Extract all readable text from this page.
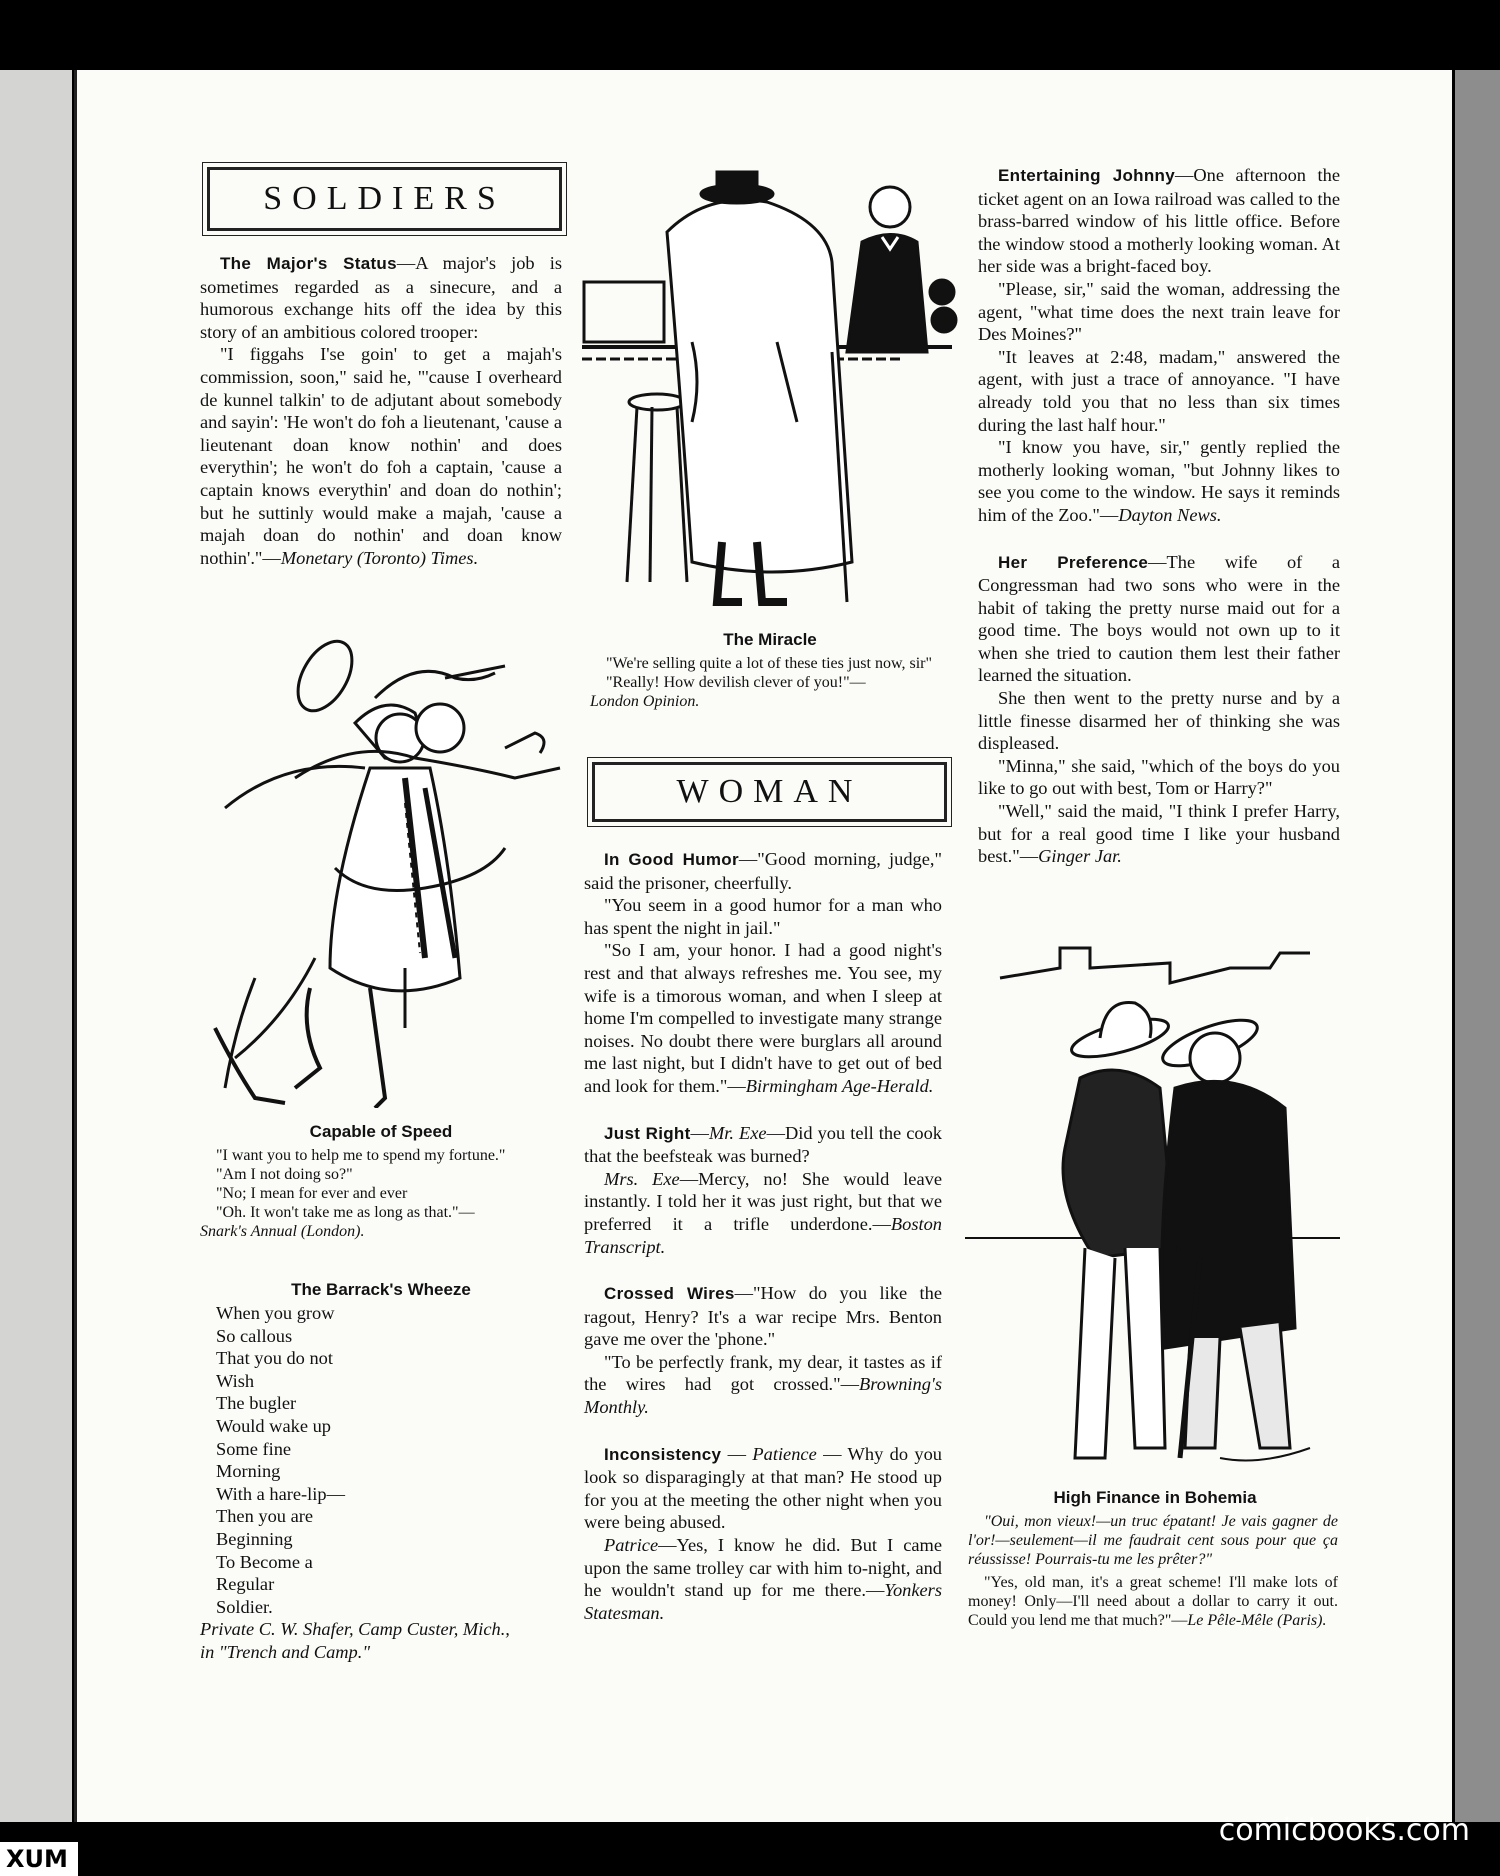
SOLDIERS

The Major's Status—A major's job is sometimes regarded as a sinecure, and a humorous exchange hits off the idea by this story of an ambitious colored trooper:

"I figgahs I'se goin' to get a majah's commission, soon," said he, "'cause I overheard de kunnel talkin' to de adjutant about somebody and sayin': 'He won't do foh a lieutenant, 'cause a lieutenant doan know nothin' and does everythin'; he won't do foh a captain, 'cause a captain knows everythin' and doan do nothin'; but he suttinly would make a majah, 'cause a majah doan do nothin' and doan know nothin'."—Monetary (Toronto) Times.

Capable of Speed
"I want you to help me to spend my fortune."
"Am I not doing so?"
"No; I mean for ever and ever
"Oh. It won't take me as long as that."—
Snark's Annual (London).
The Barrack's Wheeze
When you grow
So callous
That you do not
Wish
The bugler
Would wake up
Some fine
Morning
With a hare-lip—
Then you are
Beginning
To Become a
Regular
Soldier.
Private C. W. Shafer, Camp Custer, Mich.,
in "Trench and Camp."
The Miracle
"We're selling quite a lot of these ties just now, sir"
"Really! How devilish clever of you!"—
London Opinion.
WOMAN

In Good Humor—"Good morning, judge," said the prisoner, cheerfully.

"You seem in a good humor for a man who has spent the night in jail."

"So I am, your honor. I had a good night's rest and that always refreshes me. You see, my wife is a timorous woman, and when I sleep at home I'm compelled to investigate many strange noises. No doubt there were burglars all around me last night, but I didn't have to get out of bed and look for them."—Birmingham Age-Herald.

Just Right—Mr. Exe—Did you tell the cook that the beefsteak was burned?

Mrs. Exe—Mercy, no! She would leave instantly. I told her it was just right, but that we preferred it a trifle underdone.—Boston Transcript.

Crossed Wires—"How do you like the ragout, Henry? It's a war recipe Mrs. Benton gave me over the 'phone."

"To be perfectly frank, my dear, it tastes as if the wires had got crossed."—Browning's Monthly.

Inconsistency — Patience — Why do you look so disparagingly at that man? He stood up for you at the meeting the other night when you were being abused.

Patrice—Yes, I know he did. But I came upon the same trolley car with him to-night, and he wouldn't stand up for me there.—Yonkers Statesman.

Entertaining Johnny—One afternoon the ticket agent on an Iowa railroad was called to the brass-barred window of his little office. Before the window stood a motherly looking woman. At her side was a bright-faced boy.

"Please, sir," said the woman, addressing the agent, "what time does the next train leave for Des Moines?"

"It leaves at 2:48, madam," answered the agent, with just a trace of annoyance. "I have already told you that no less than six times during the last half hour."

"I know you have, sir," gently replied the motherly looking woman, "but Johnny likes to see you come to the window. He says it reminds him of the Zoo."—Dayton News.

Her Preference—The wife of a Congressman had two sons who were in the habit of taking the pretty nurse maid out for a good time. The boys would not own up to it when she tried to caution them lest their father learned the situation.

She then went to the pretty nurse and by a little finesse disarmed her of thinking she was displeased.

"Minna," she said, "which of the boys do you like to go out with best, Tom or Harry?"

"Well," said the maid, "I think I prefer Harry, but for a real good time I like your husband best."—Ginger Jar.

High Finance in Bohemia
"Oui, mon vieux!—un truc épatant! Je vais gagner de l'or!—seulement—il me faudrait cent sous pour que ça réussisse! Pourrais-tu me les prêter?"
"Yes, old man, it's a great scheme! I'll make lots of money! Only—I'll need about a dollar to carry it out. Could you lend me that much?"—Le Pêle-Mêle (Paris).
comicbooks.com
XUM
